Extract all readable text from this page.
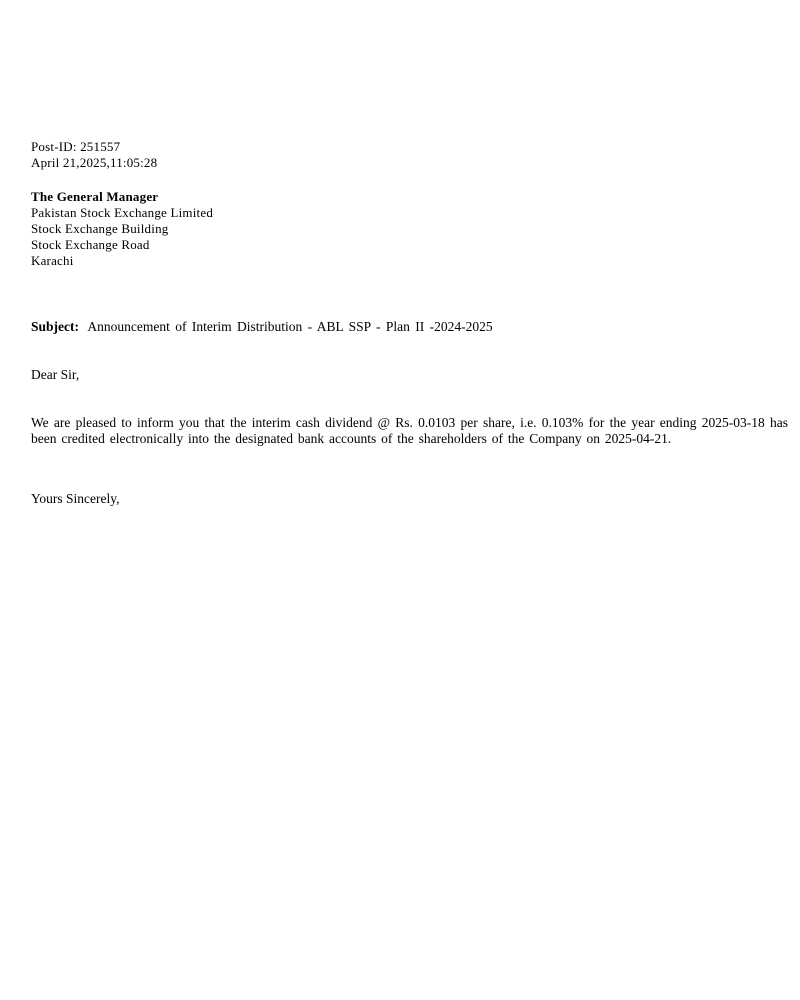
Post-ID: 251557
April 21,2025,11:05:28
The General Manager
Pakistan Stock Exchange Limited
Stock Exchange Building
Stock Exchange Road
Karachi
Subject: Announcement of Interim Distribution - ABL SSP - Plan II -2024-2025
Dear Sir,

We are pleased to inform you that the interim cash dividend @ Rs. 0.0103 per share, i.e. 0.103% for the year ending 2025-03-18 has been credited electronically into the designated bank accounts of the shareholders of the Company on 2025-04-21.

Yours Sincerely,
